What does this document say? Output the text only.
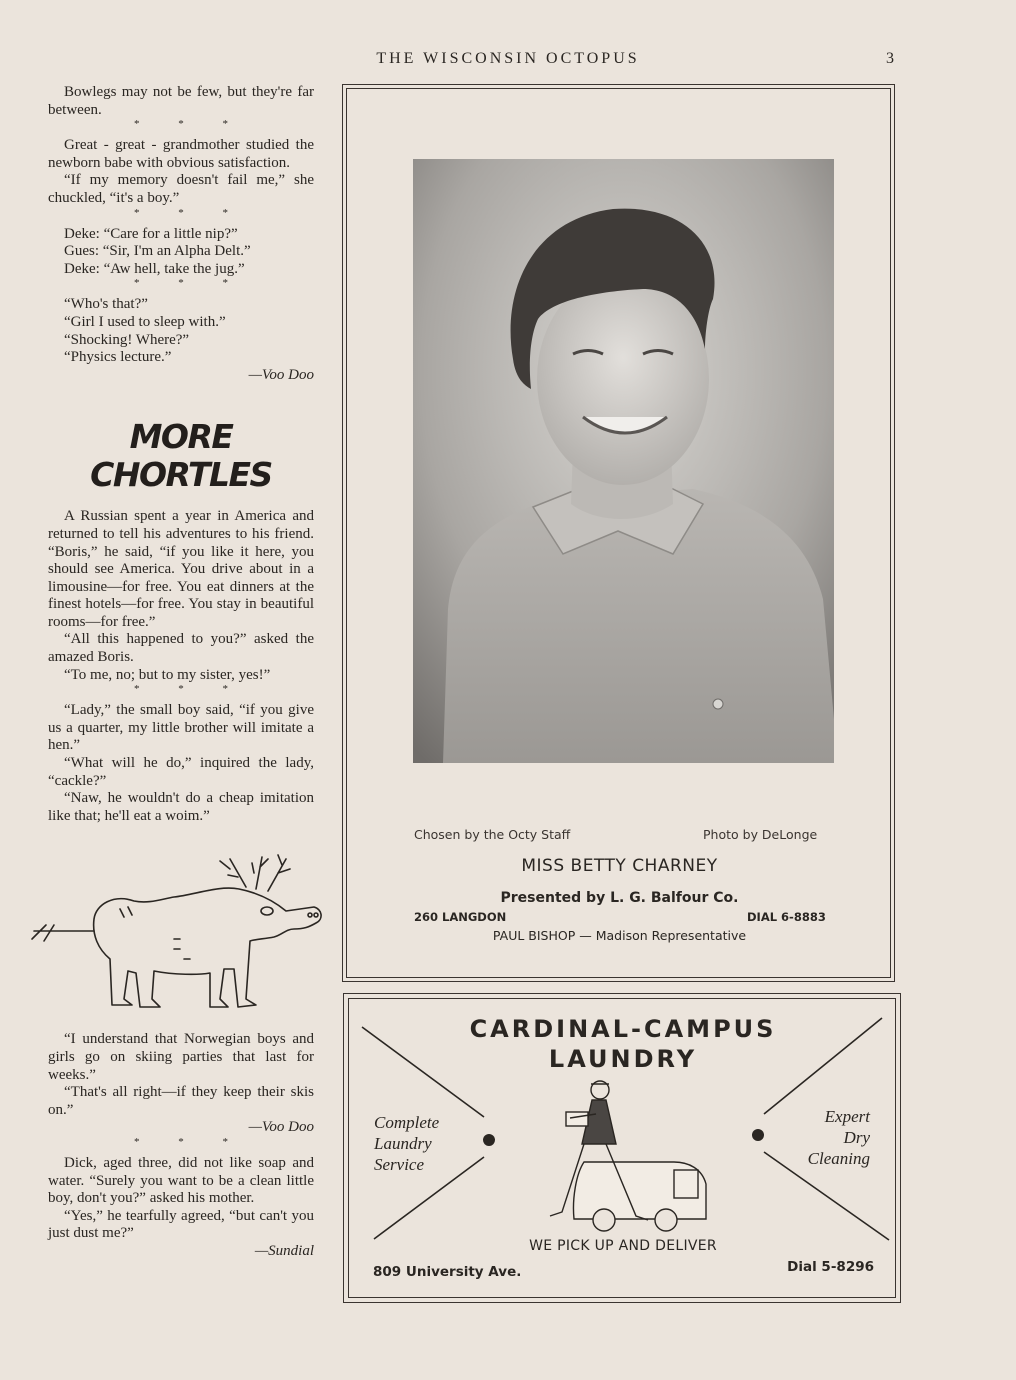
THE WISCONSIN OCTOPUS	3

Bowlegs may not be few, but they're far between.

* * *

Great - great - grandmother studied the newborn babe with obvious satisfaction.

“If my memory doesn't fail me,” she chuckled, “it's a boy.”

* * *

Deke: “Care for a little nip?”

Gues: “Sir, I'm an Alpha Delt.”

Deke: “Aw hell, take the jug.”

* * *

“Who's that?”

“Girl I used to sleep with.”

“Shocking! Where?”

“Physics lecture.”

—Voo Doo

MORE

CHORTLES

A Russian spent a year in America and returned to tell his adventures to his friend. “Boris,” he said, “if you like it here, you should see America. You drive about in a limousine—for free. You eat dinners at the finest hotels—for free. You stay in beautiful rooms—for free.”

“All this happened to you?” asked the amazed Boris.

“To me, no; but to my sister, yes!”

* * *

“Lady,” the small boy said, “if you give us a quarter, my little brother will imitate a hen.”

“What will he do,” inquired the lady, “cackle?”

“Naw, he wouldn't do a cheap imitation like that; he'll eat a woim.”

“I understand that Norwegian boys and girls go on skiing parties that last for weeks.”

“That's all right—if they keep their skis on.”

—Voo Doo

* * *

Dick, aged three, did not like soap and water. “Surely you want to be a clean little boy, don't you?” asked his mother.

“Yes,” he tearfully agreed, “but can't you just dust me?”

—Sundial

Chosen by the Octy Staff	Photo by DeLonge
MISS BETTY CHARNEY
Presented by L. G. Balfour Co.
260 LANGDON	DIAL 6-8883
PAUL BISHOP — Madison Representative
CARDINAL-CAMPUS
LAUNDRY
Complete
Laundry
Service
Expert
Dry
Cleaning
WE PICK UP AND DELIVER
809 University Ave.	Dial 5-8296
